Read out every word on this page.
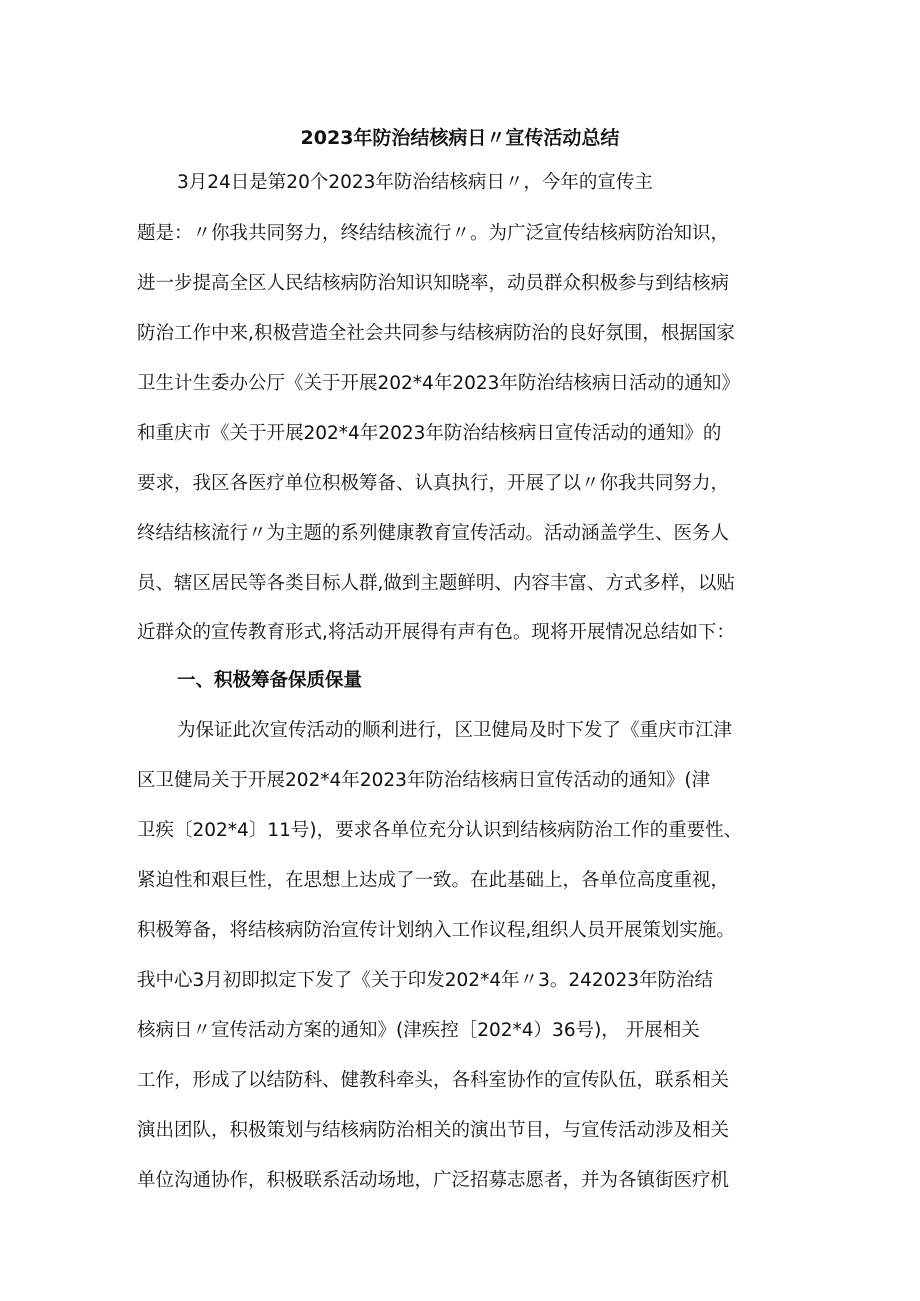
2023年防治结核病日〃宣传活动总结
3月24日是第20个2023年防治结核病日〃，今年的宣传主
题是：〃你我共同努力，终结结核流行〃。为广泛宣传结核病防治知识，
进一步提高全区人民结核病防治知识知晓率，动员群众积极参与到结核病
防治工作中来,积极营造全社会共同参与结核病防治的良好氛围，根据国家
卫生计生委办公厅《关于开展202*4年2023年防治结核病日活动的通知》
和重庆市《关于开展202*4年2023年防治结核病日宣传活动的通知》的
要求，我区各医疗单位积极筹备、认真执行，开展了以〃你我共同努力，
终结结核流行〃为主题的系列健康教育宣传活动。活动涵盖学生、医务人
员、辖区居民等各类目标人群,做到主题鲜明、内容丰富、方式多样，以贴
近群众的宣传教育形式,将活动开展得有声有色。现将开展情况总结如下：
一、积极筹备保质保量
为保证此次宣传活动的顺利进行，区卫健局及时下发了《重庆市江津
区卫健局关于开展202*4年2023年防治结核病日宣传活动的通知》(津
卫疾〔202*4〕11号)，要求各单位充分认识到结核病防治工作的重要性、
紧迫性和艰巨性，在思想上达成了一致。在此基础上，各单位高度重视，
积极筹备，将结核病防治宣传计划纳入工作议程,组织人员开展策划实施。
我中心3月初即拟定下发了《关于印发202*4年〃3。242023年防治结
核病日〃宣传活动方案的通知》(津疾控［202*4）36号)， 开展相关
工作，形成了以结防科、健教科牵头，各科室协作的宣传队伍，联系相关
演出团队，积极策划与结核病防治相关的演出节目，与宣传活动涉及相关
单位沟通协作，积极联系活动场地，广泛招募志愿者，并为各镇街医疗机
